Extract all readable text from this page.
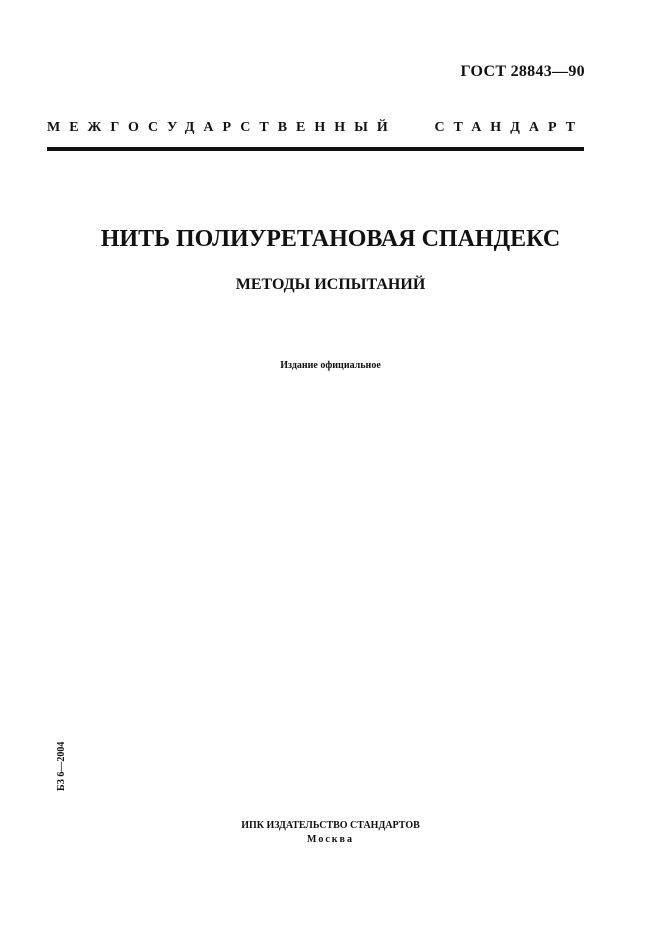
ГОСТ 28843—90
МЕЖГОСУДАРСТВЕННЫЙ СТАНДАРТ
НИТЬ ПОЛИУРЕТАНОВАЯ СПАНДЕКС
МЕТОДЫ ИСПЫТАНИЙ
Издание официальное
БЗ 6—2004
ИПК ИЗДАТЕЛЬСТВО СТАНДАРТОВ
Москва
